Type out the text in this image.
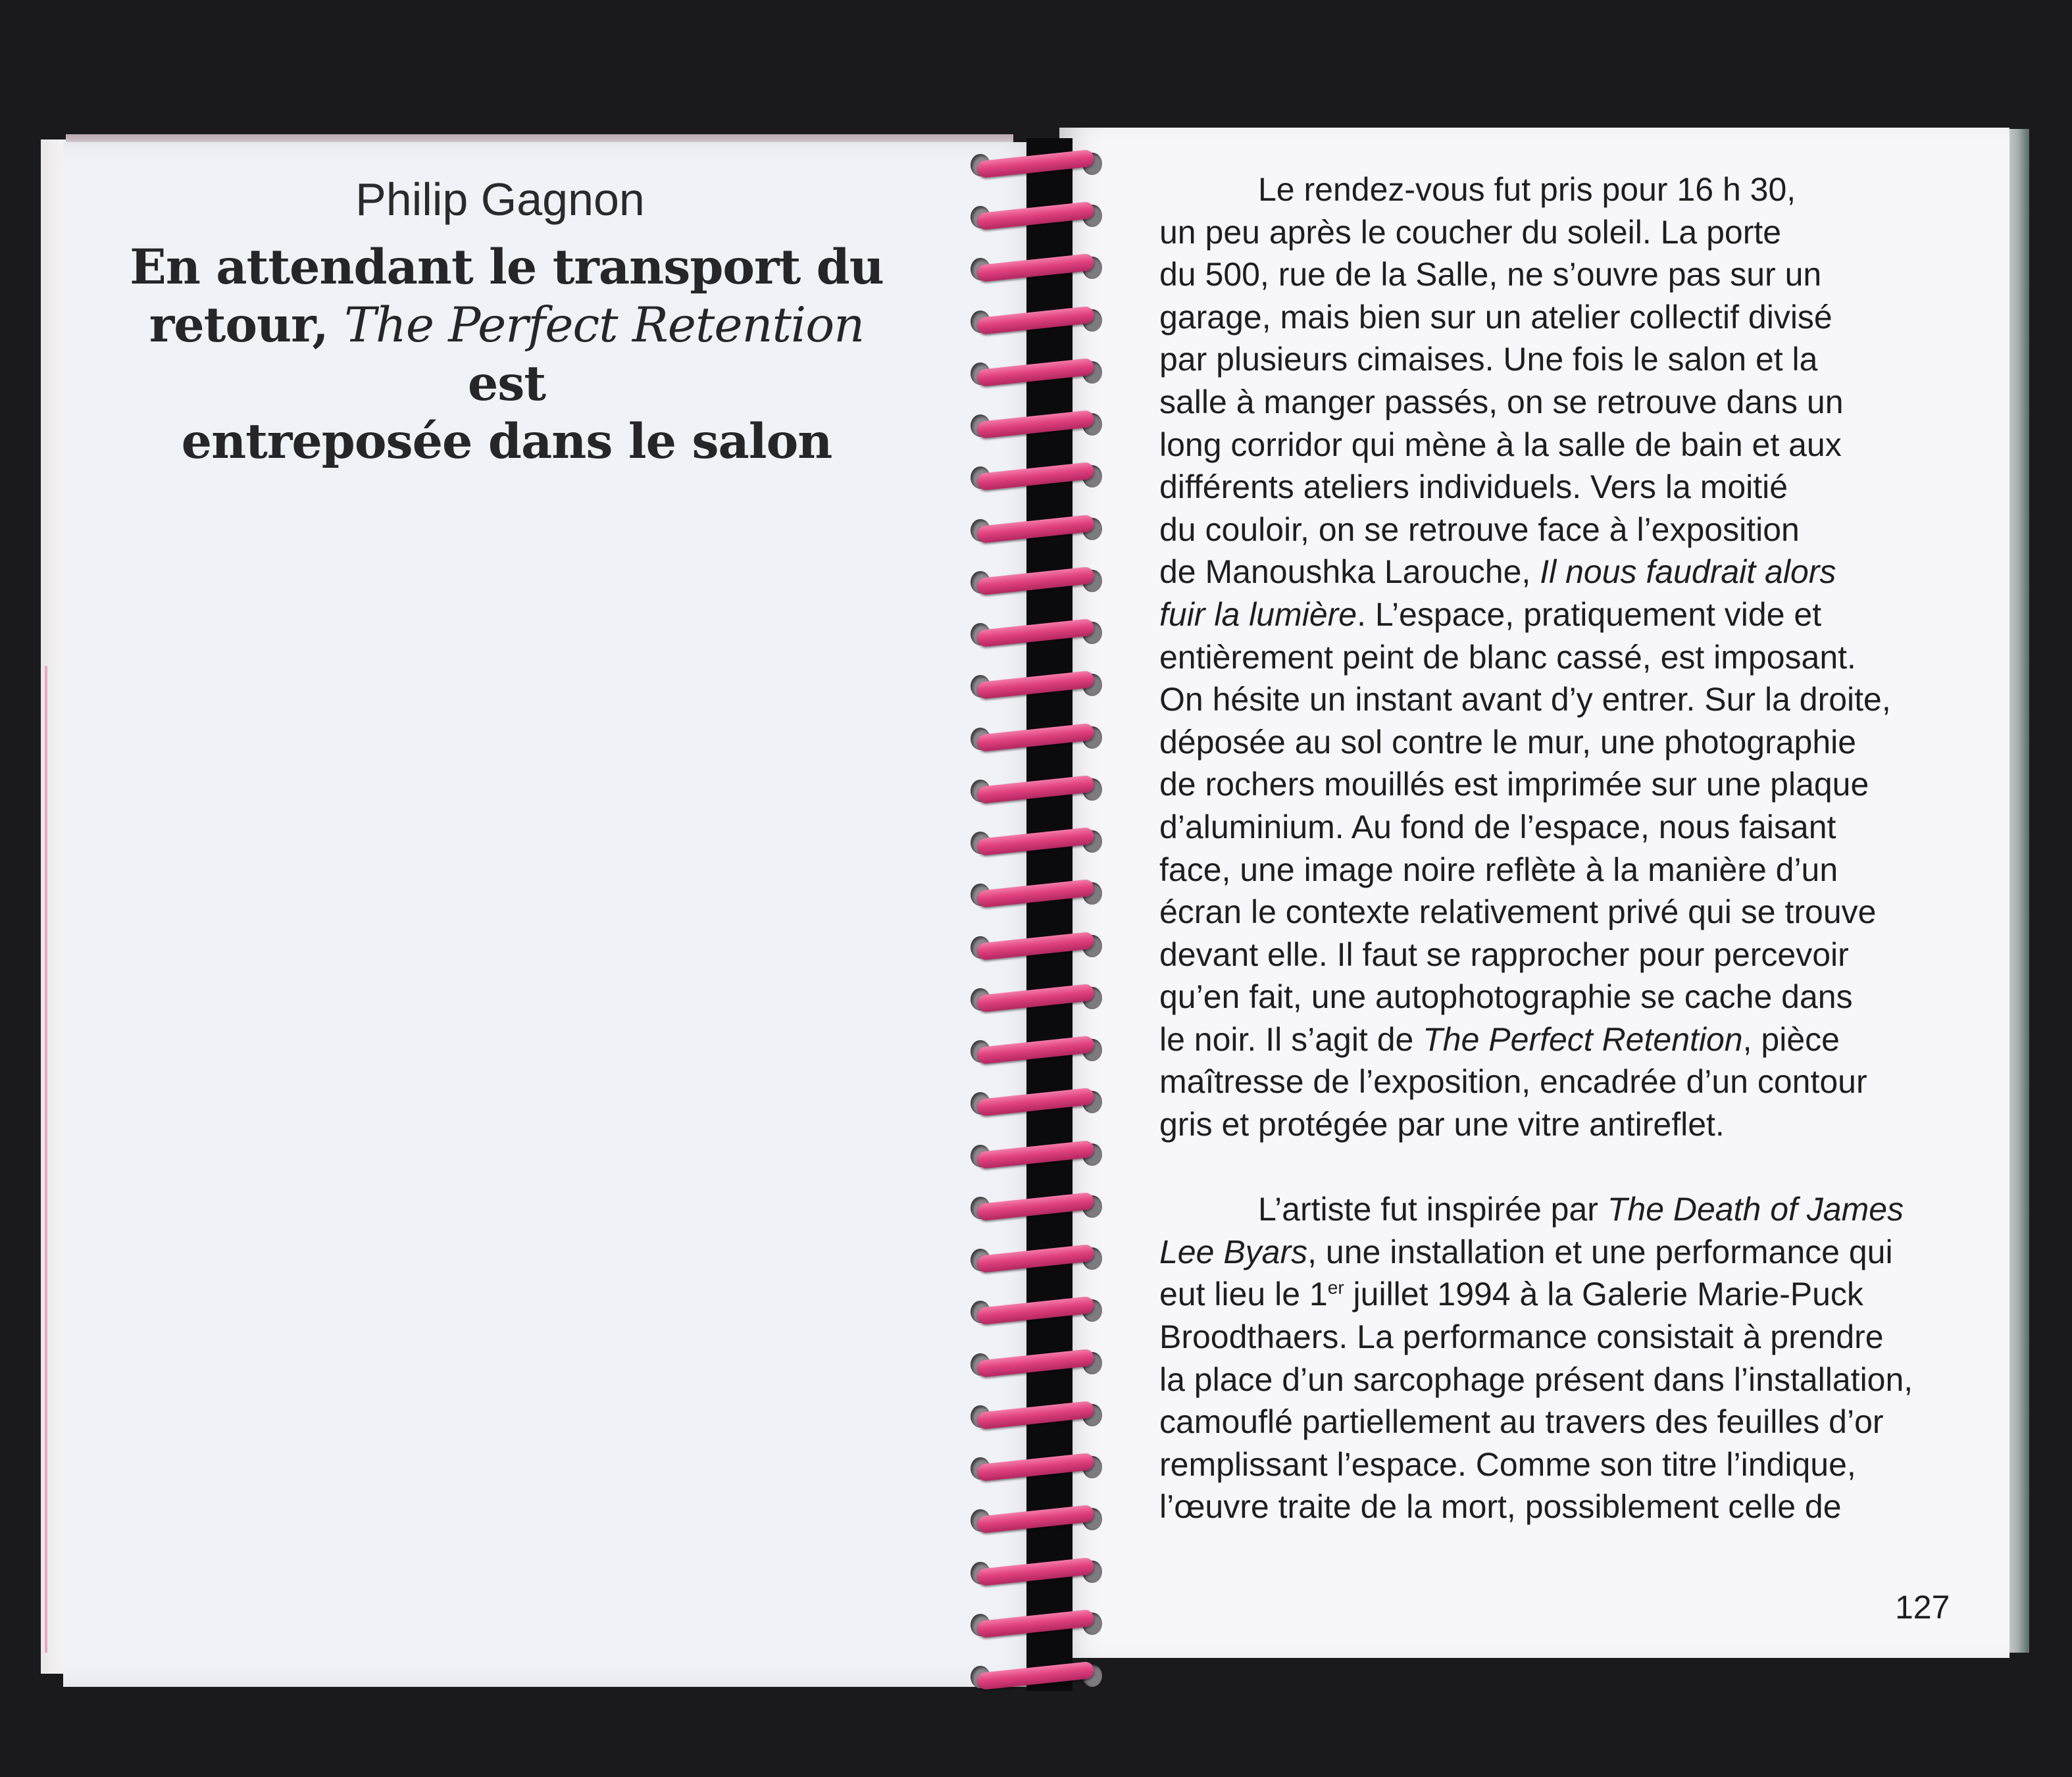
Philip Gagnon
En attendant le transport du
retour, The Perfect Retention est
entreposée dans le salon
Le rendez-vous fut pris pour 16 h 30,
un peu après le coucher du soleil. La porte
du 500, rue de la Salle, ne s’ouvre pas sur un
garage, mais bien sur un atelier collectif divisé
par plusieurs cimaises. Une fois le salon et la
salle à manger passés, on se retrouve dans un
long corridor qui mène à la salle de bain et aux
différents ateliers individuels. Vers la moitié
du couloir, on se retrouve face à l’exposition
de Manoushka Larouche, Il nous faudrait alors
fuir la lumière. L’espace, pratiquement vide et
entièrement peint de blanc cassé, est imposant.
On hésite un instant avant d’y entrer. Sur la droite,
déposée au sol contre le mur, une photographie
de rochers mouillés est imprimée sur une plaque
d’aluminium. Au fond de l’espace, nous faisant
face, une image noire reflète à la manière d’un
écran le contexte relativement privé qui se trouve
devant elle. Il faut se rapprocher pour percevoir
qu’en fait, une autophotographie se cache dans
le noir. Il s’agit de The Perfect Retention, pièce
maîtresse de l’exposition, encadrée d’un contour
gris et protégée par une vitre antireflet.
L’artiste fut inspirée par The Death of James
Lee Byars, une installation et une performance qui
eut lieu le 1er juillet 1994 à la Galerie Marie-Puck
Broodthaers. La performance consistait à prendre
la place d’un sarcophage présent dans l’installation,
camouflé partiellement au travers des feuilles d’or
remplissant l’espace. Comme son titre l’indique,
l’œuvre traite de la mort, possiblement celle de
127
